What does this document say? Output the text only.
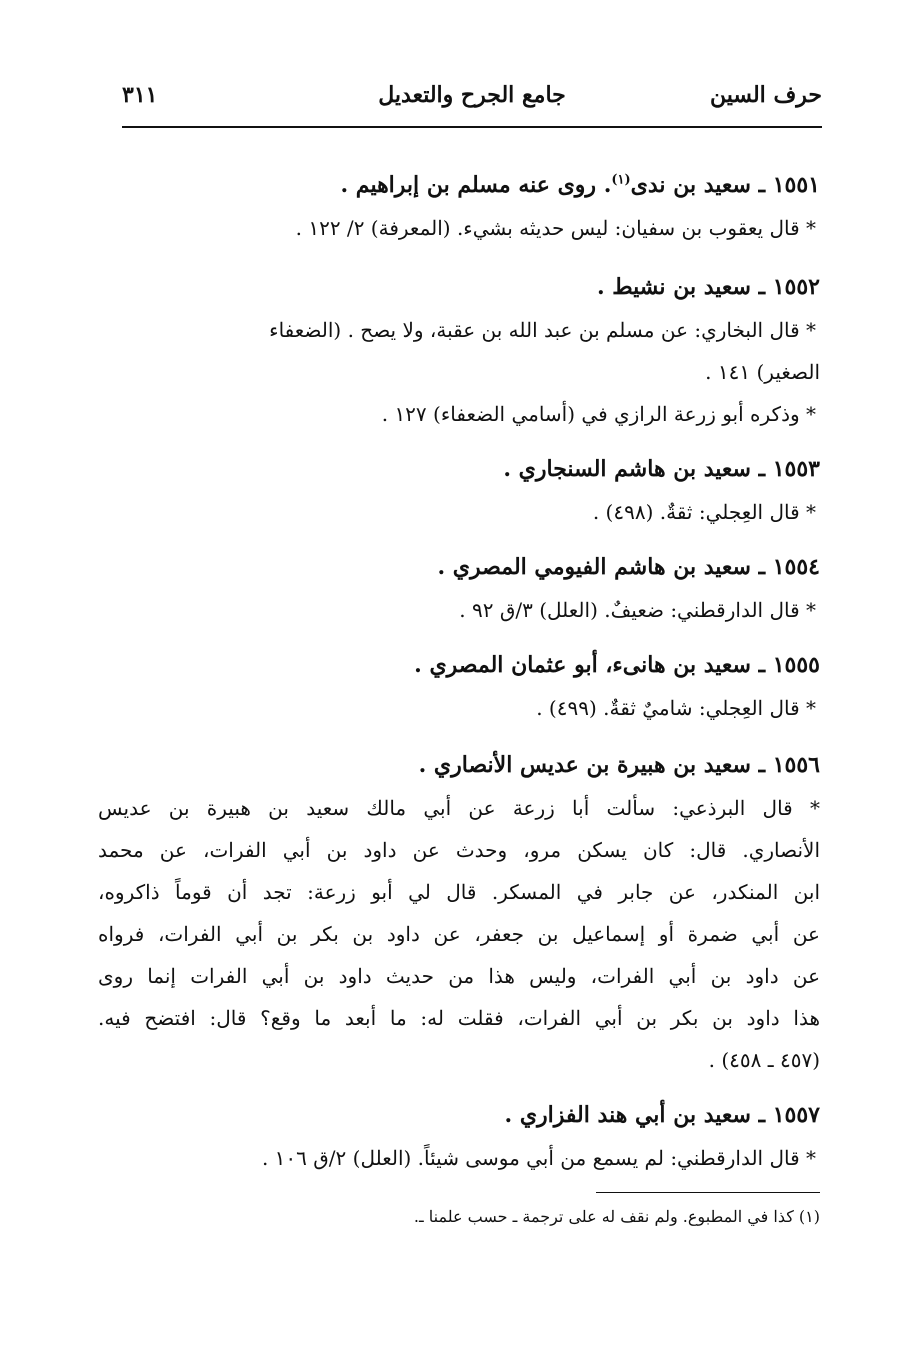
حرف السين
جامع الجرح والتعديل
٣١١
١٥٥١ ـ سعيد بن ندى$^{(١)}$. روى عنه مسلم بن إبراهيم .
* قال يعقوب بن سفيان: ليس حديثه بشيء. (المعرفة) ٢/ ١٢٢ .
١٥٥٢ ـ سعيد بن نشيط .
* قال البخاري: عن مسلم بن عبد الله بن عقبة، ولا يصح . (الضعفاء
الصغير) ١٤١ .
* وذكره أبو زرعة الرازي في (أسامي الضعفاء) ١٢٧ .
١٥٥٣ ـ سعيد بن هاشم السنجاري .
* قال العِجلي: ثقةٌ. (٤٩٨) .
١٥٥٤ ـ سعيد بن هاشم الفيومي المصري .
* قال الدارقطني: ضعيفٌ. (العلل) ٣/ق ٩٢ .
١٥٥٥ ـ سعيد بن هانىء، أبو عثمان المصري .
* قال العِجلي: شاميٌ ثقةٌ. (٤٩٩) .
١٥٥٦ ـ سعيد بن هبيرة بن عديس الأنصاري .
* قال البرذعي: سألت أبا زرعة عن أبي مالك سعيد بن هبيرة بن عديس
الأنصاري. قال: كان يسكن مرو، وحدث عن داود بن أبي الفرات، عن محمد
ابن المنكدر، عن جابر في المسكر. قال لي أبو زرعة: تجد أن قوماً ذاكروه،
عن أبي ضمرة أو إسماعيل بن جعفر، عن داود بن بكر بن أبي الفرات، فرواه
عن داود بن أبي الفرات، وليس هذا من حديث داود بن أبي الفرات إنما روى
هذا داود بن بكر بن أبي الفرات، فقلت له: ما أبعد ما وقع؟ قال: افتضح فيه.
(٤٥٧ ـ ٤٥٨) .
١٥٥٧ ـ سعيد بن أبي هند الفزاري .
* قال الدارقطني: لم يسمع من أبي موسى شيئاً. (العلل) ٢/ق ١٠٦ .
(١) كذا في المطبوع. ولم نقف له على ترجمة ـ حسب علمنا ـ.
